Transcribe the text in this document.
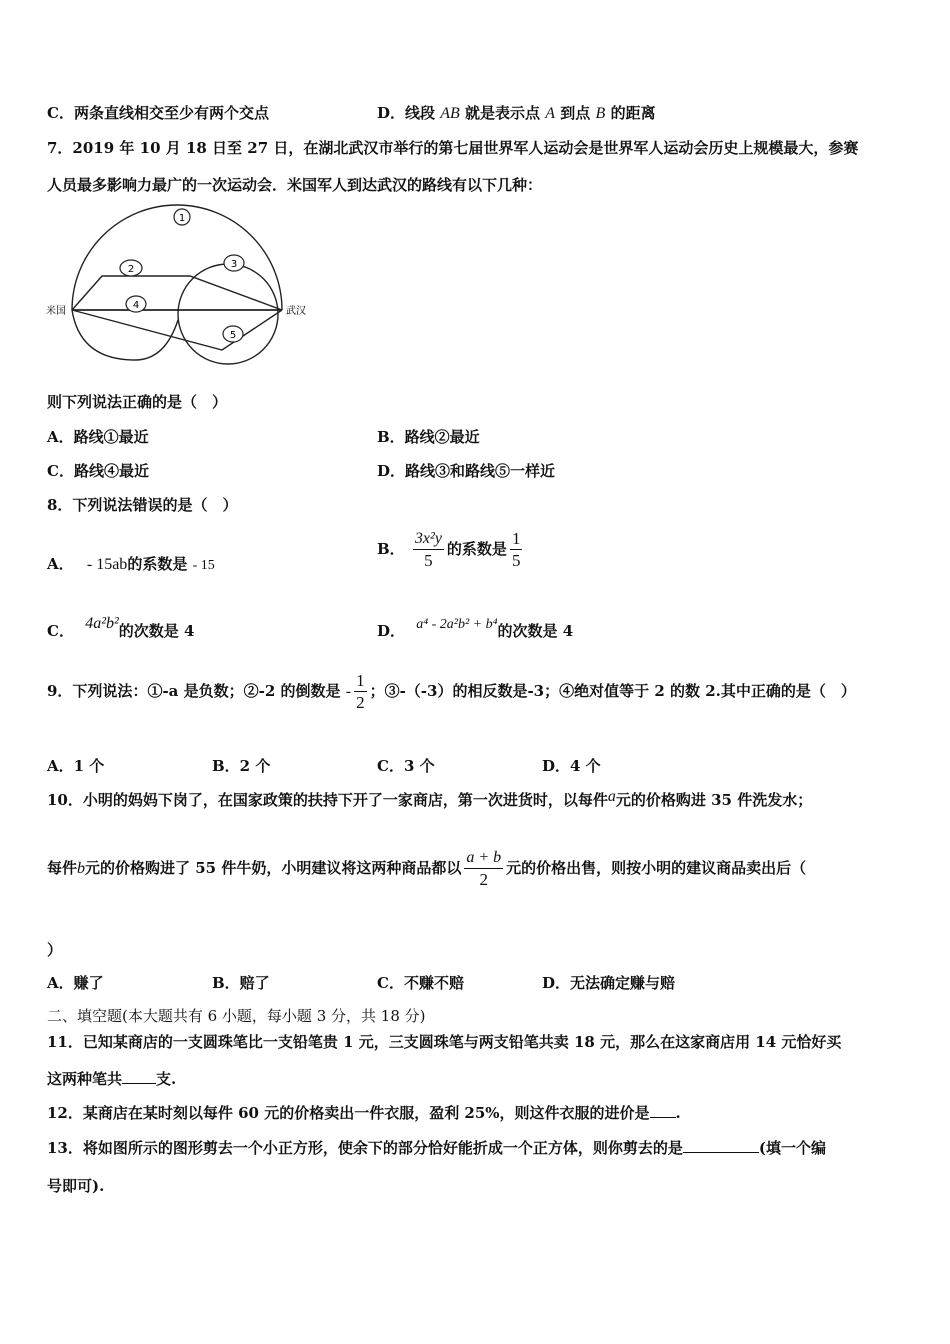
C．两条直线相交至少有两个交点	D．线段 AB 就是表示点 A 到点 B 的距离
7．2019 年 10 月 18 日至 27 日，在湖北武汉市举行的第七届世界军人运动会是世界军人运动会历史上规模最大，参赛
人员最多影响力最广的一次运动会．米国军人到达武汉的路线有以下几种：
1
2	3
4
5
米国	武汉
则下列说法正确的是（　）
A．路线①最近	B．路线②最近
C．路线④最近	D．路线③和路线⑤一样近
8．下列说法错误的是（　）
A． - 15ab的系数是 - 15
B． $\frac{\text{3x²y}}{5}$ 的系数是 $\frac{1}{5}$
C． 4a²b²的次数是 4	D． a⁴ - 2a²b² + b⁴的次数是 4
9．下列说法：①-a 是负数；②-2 的倒数是 - $\frac{1}{2}$ ；③-（-3）的相反数是-3；④绝对值等于 2 的数 2.其中正确的是（　）
A．1 个	B．2 个	C．3 个	D．4 个
10．小明的妈妈下岗了，在国家政策的扶持下开了一家商店，第一次进货时，以每件a元的价格购进 35 件洗发水；
每件b元的价格购进了 55 件牛奶，小明建议将这两种商品都以 $\frac{a + b}{2}$ 元的价格出售，则按小明的建议商品卖出后（
）
A．赚了	B．赔了	C．不赚不赔	D．无法确定赚与赔
二、填空题(本大题共有 6 小题，每小题 3 分，共 18 分)
11．已知某商店的一支圆珠笔比一支铅笔贵 1 元，三支圆珠笔与两支铅笔共卖 18 元，那么在这家商店用 14 元恰好买
这两种笔共 支.
12．某商店在某时刻以每件 60 元的价格卖出一件衣服，盈利 25%，则这件衣服的进价是 .
13．将如图所示的图形剪去一个小正方形，使余下的部分恰好能折成一个正方体，则你剪去的是	(填一个编
号即可).
